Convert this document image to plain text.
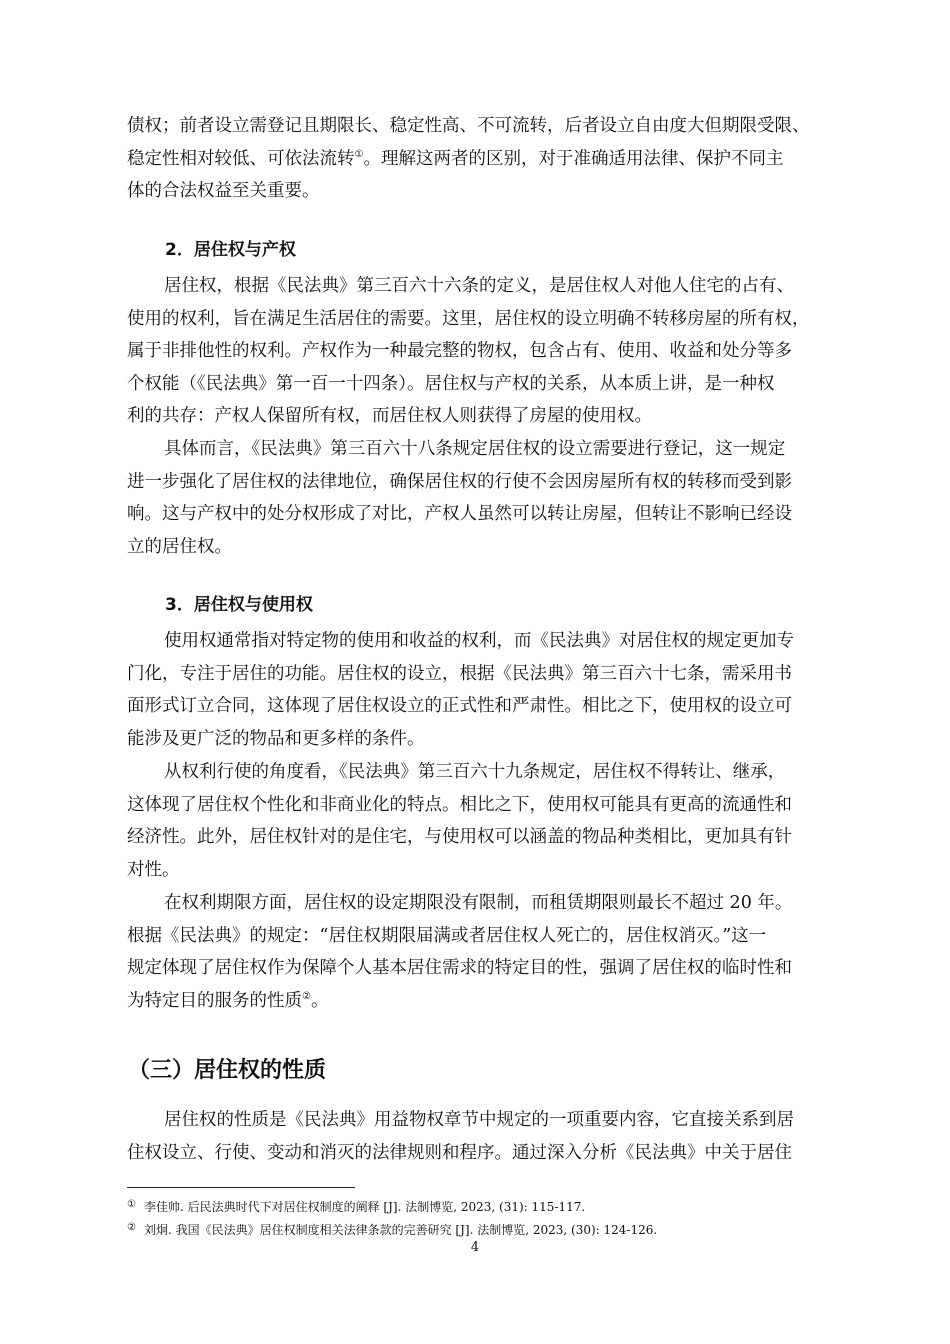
债权；前者设立需登记且期限长、稳定性高、不可流转，后者设立自由度大但期限受限、
稳定性相对较低、可依法流转①。理解这两者的区别，对于准确适用法律、保护不同主
体的合法权益至关重要。

2．居住权与产权

居住权，根据《民法典》第三百六十六条的定义，是居住权人对他人住宅的占有、
使用的权利，旨在满足生活居住的需要。这里，居住权的设立明确不转移房屋的所有权，
属于非排他性的权利。产权作为一种最完整的物权，包含占有、使用、收益和处分等多
个权能（《民法典》第一百一十四条）。居住权与产权的关系，从本质上讲，是一种权
利的共存：产权人保留所有权，而居住权人则获得了房屋的使用权。

具体而言，《民法典》第三百六十八条规定居住权的设立需要进行登记，这一规定
进一步强化了居住权的法律地位，确保居住权的行使不会因房屋所有权的转移而受到影
响。这与产权中的处分权形成了对比，产权人虽然可以转让房屋，但转让不影响已经设
立的居住权。

3．居住权与使用权

使用权通常指对特定物的使用和收益的权利，而《民法典》对居住权的规定更加专
门化，专注于居住的功能。居住权的设立，根据《民法典》第三百六十七条，需采用书
面形式订立合同，这体现了居住权设立的正式性和严肃性。相比之下，使用权的设立可
能涉及更广泛的物品和更多样的条件。

从权利行使的角度看，《民法典》第三百六十九条规定，居住权不得转让、继承，
这体现了居住权个性化和非商业化的特点。相比之下，使用权可能具有更高的流通性和
经济性。此外，居住权针对的是住宅，与使用权可以涵盖的物品种类相比，更加具有针
对性。

在权利期限方面，居住权的设定期限没有限制，而租赁期限则最长不超过 20 年。
根据《民法典》的规定：“居住权期限届满或者居住权人死亡的，居住权消灭。”这一
规定体现了居住权作为保障个人基本居住需求的特定目的性，强调了居住权的临时性和
为特定目的服务的性质②。

（三）居住权的性质

居住权的性质是《民法典》用益物权章节中规定的一项重要内容，它直接关系到居
住权设立、行使、变动和消灭的法律规则和程序。通过深入分析《民法典》中关于居住

① 李佳帅. 后民法典时代下对居住权制度的阐释 [J]. 法制博览, 2023, (31): 115-117.

② 刘炯. 我国《民法典》居住权制度相关法律条款的完善研究 [J]. 法制博览, 2023, (30): 124-126.

4
